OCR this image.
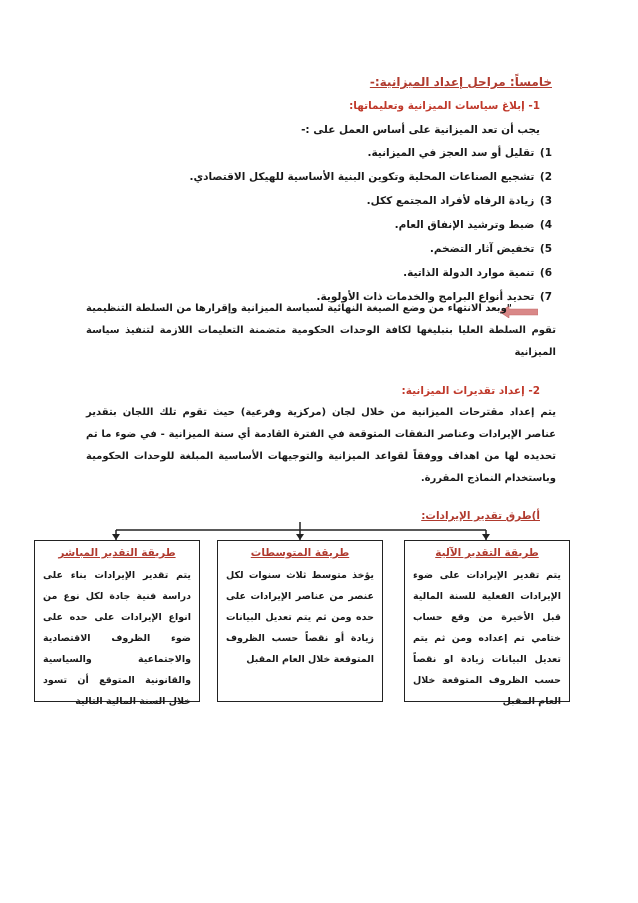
خامساً: مراحل إعداد الميزانية:-
1- إبلاغ سياسات الميزانية وتعليماتها:
يجب أن تعد الميزانية على أساس العمل على :-
1) تقليل أو سد العجز في الميزانية.
2) تشجيع الصناعات المحلية وتكوين البنية الأساسية للهيكل الاقتصادي.
3) زيادة الرفاه لأفراد المجتمع ككل.
4) ضبط وترشيد الإنفاق العام.
5) تخفيض آثار التضخم.
6) تنمية موارد الدولة الذاتية.
7) تحديد أنواع البرامج والخدمات ذات الأولوية.
"وبعد الانتهاء من وضع الصيغة النهائية لسياسة الميزانية وإقرارها من السلطة التنظيمية تقوم السلطة العليا بتبليغها لكافة الوحدات الحكومية متضمنة التعليمات اللازمة لتنفيذ سياسة الميزانية
2- إعداد تقديرات الميزانية:
يتم إعداد مقترحات الميزانية من خلال لجان (مركزية وفرعية) حيث تقوم تلك اللجان بتقدير عناصر الإيرادات وعناصر النفقات المتوقعة في الفترة القادمة أي سنة الميزانية - في ضوء ما تم تحديده لها من اهداف ووفقاً لقواعد الميزانية والتوجيهات الأساسية المبلغة للوحدات الحكومية وباستخدام النماذج المقررة.
أ)طرق تقدير الإيرادات:
طريقة التقدير الآلية
يتم تقدير الإيرادات على ضوء الإيرادات الفعلية للسنة المالية قبل الأخيرة من وقع حساب ختامي تم إعداده ومن ثم يتم تعديل البيانات زيادة او نقصاً حسب الظروف المتوقعة خلال العام المقبل
طريقة المتوسطات
يؤخذ متوسط ثلاث سنوات لكل عنصر من عناصر الإيرادات على حده ومن ثم يتم تعديل البيانات زيادة أو نقصاً حسب الظروف المتوقعة خلال العام المقبل
طريقة التقدير المباشر
يتم تقدير الإيرادات بناء على دراسة فنية جادة لكل نوع من انواع الإيرادات على حده على ضوء الظروف الاقتصادية والاجتماعية والسياسية والقانونية المتوقع أن تسود خلال السنة المالية التالية
